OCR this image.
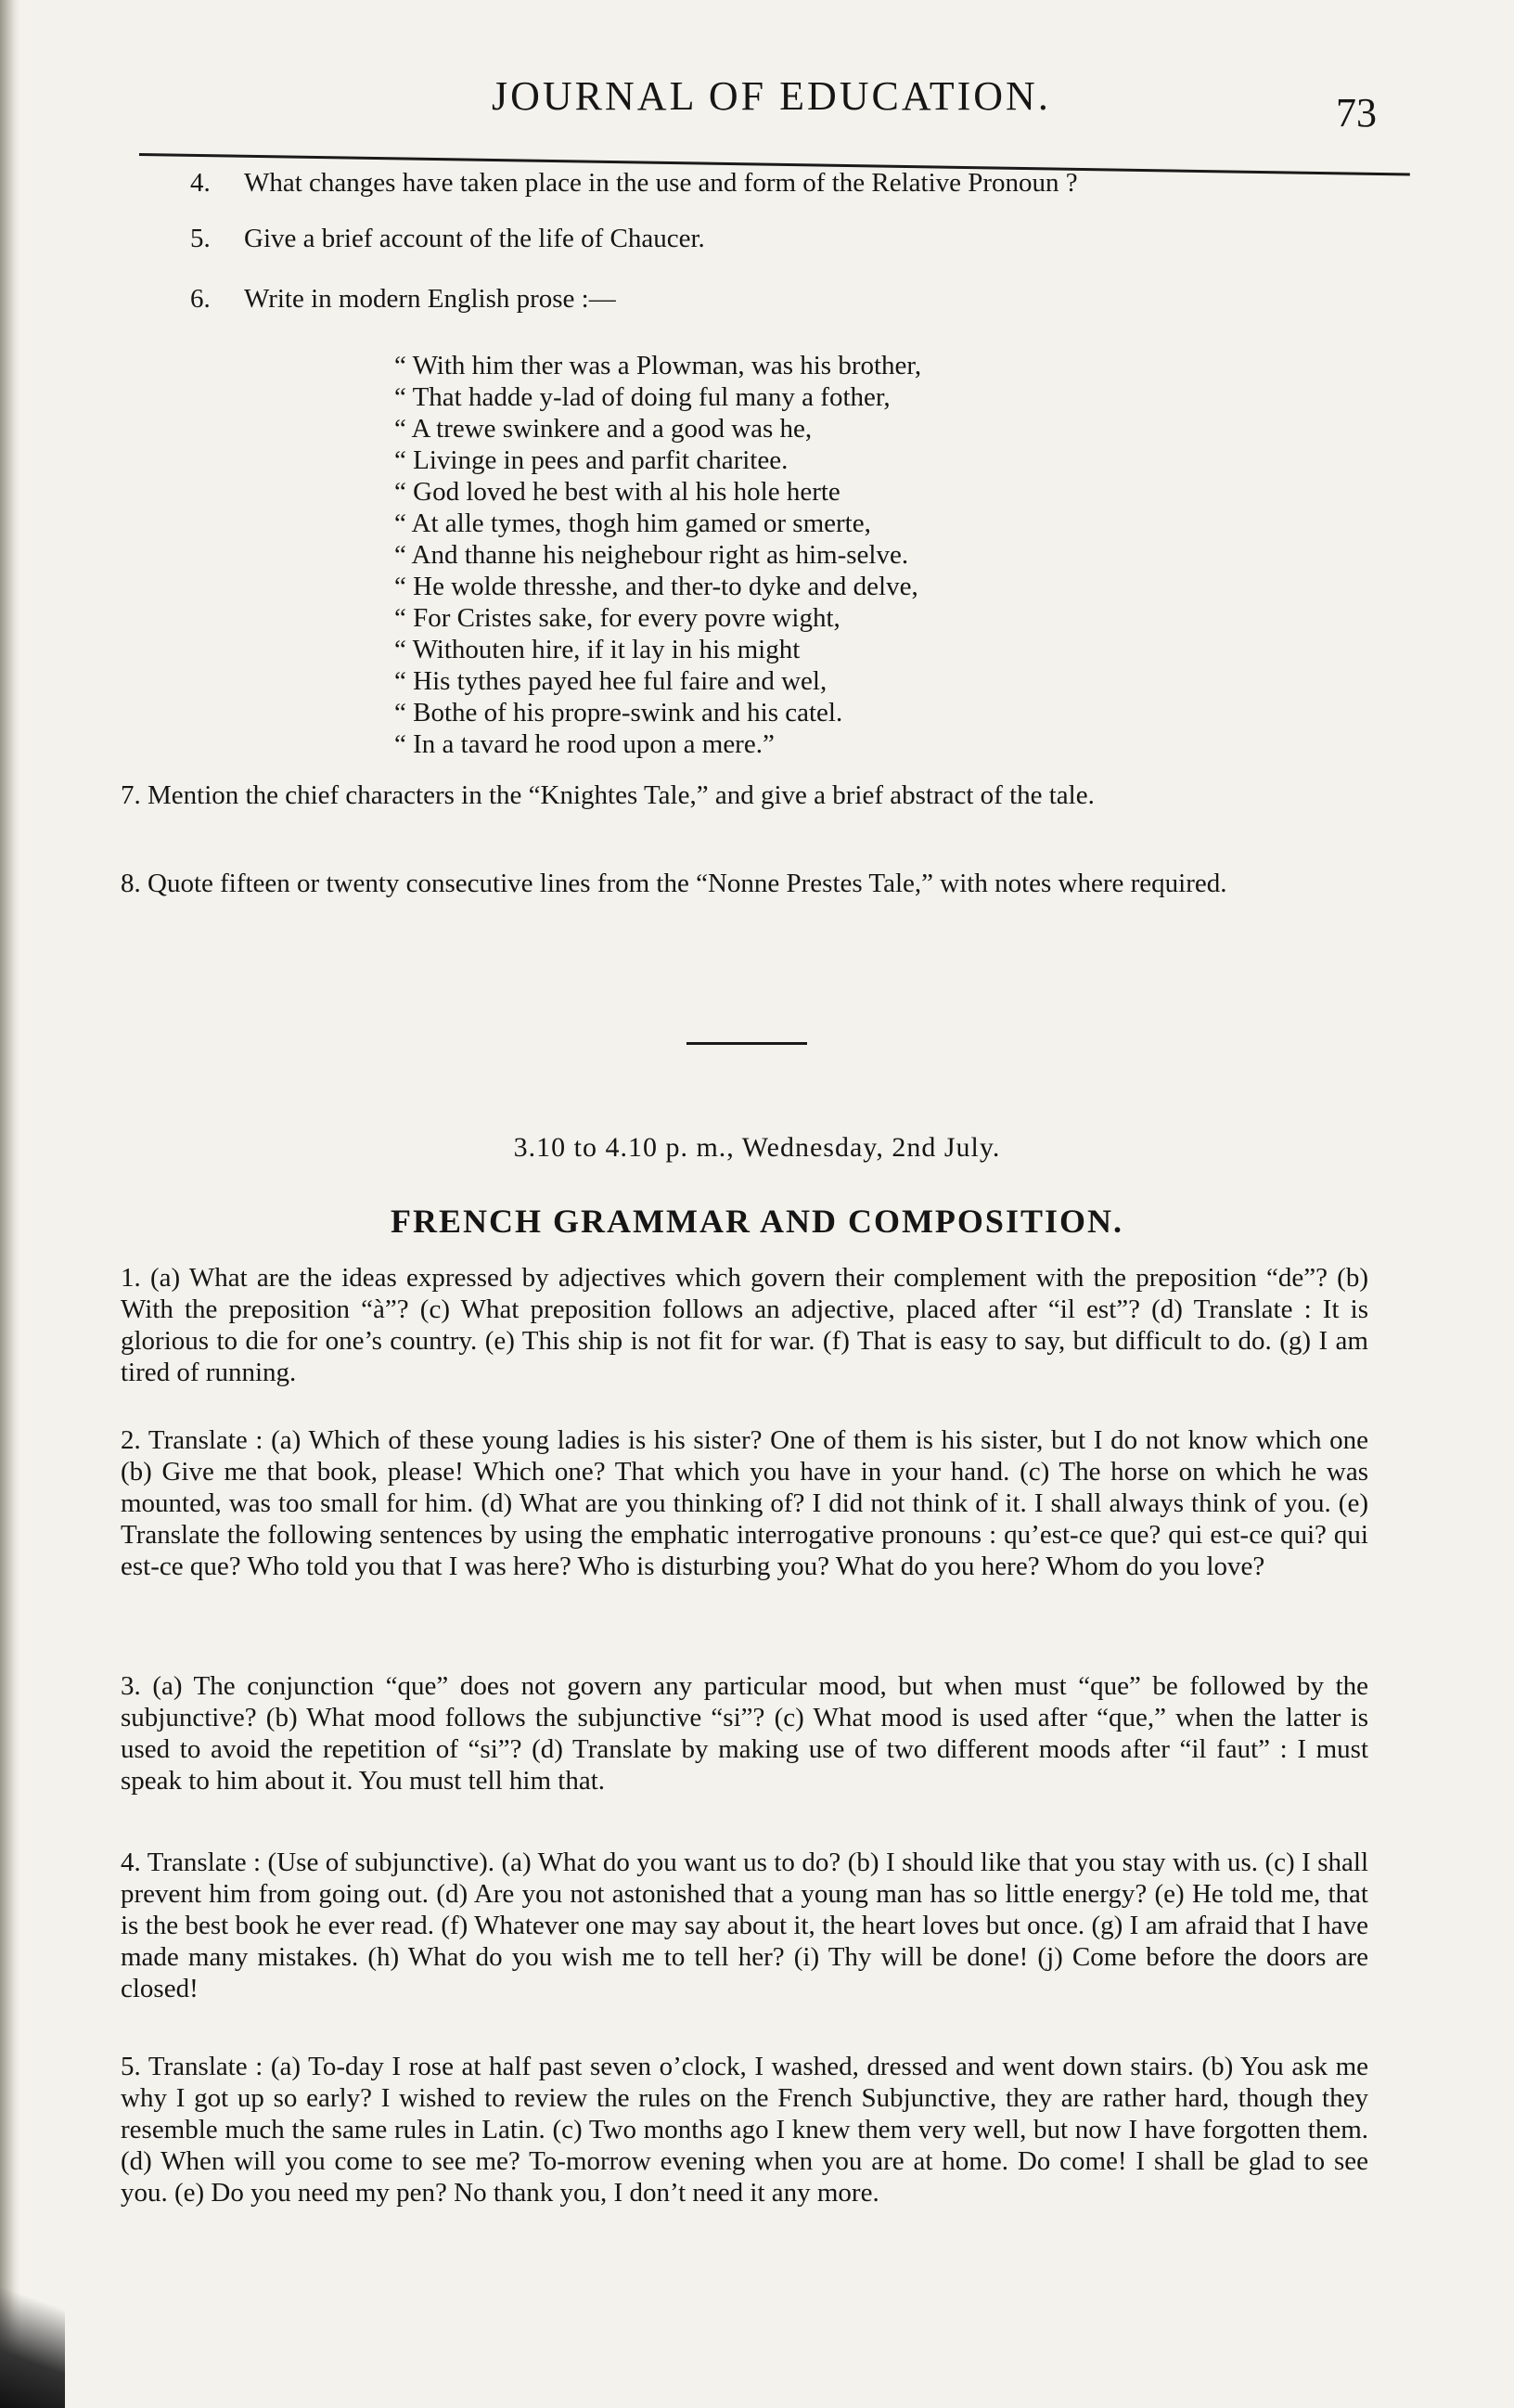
JOURNAL OF EDUCATION.	73
4. What changes have taken place in the use and form of the Relative Pronoun ?
5. Give a brief account of the life of Chaucer.
6. Write in modern English prose :—
“ With him ther was a Plowman, was his brother,
“ That hadde y-lad of doing ful many a fother,
“ A trewe swinkere and a good was he,
“ Livinge in pees and parfit charitee.
“ God loved he best with al his hole herte
“ At alle tymes, thogh him gamed or smerte,
“ And thanne his neighebour right as him-selve.
“ He wolde thresshe, and ther-to dyke and delve,
“ For Cristes sake, for every povre wight,
“ Withouten hire, if it lay in his might
“ His tythes payed hee ful faire and wel,
“ Bothe of his propre-swink and his catel.
“ In a tavard he rood upon a mere.”
7. Mention the chief characters in the “Knightes Tale,” and give a brief abstract of the tale.
8. Quote fifteen or twenty consecutive lines from the “Nonne Prestes Tale,” with notes where required.
3.10 to 4.10 p. m., Wednesday, 2nd July.
FRENCH GRAMMAR AND COMPOSITION.
1. (a) What are the ideas expressed by adjectives which govern their complement with the preposition “de”? (b) With the preposition “à”? (c) What preposition follows an adjective, placed after “il est”? (d) Translate : It is glorious to die for one’s country. (e) This ship is not fit for war. (f) That is easy to say, but difficult to do. (g) I am tired of running.
2. Translate : (a) Which of these young ladies is his sister? One of them is his sister, but I do not know which one (b) Give me that book, please! Which one? That which you have in your hand. (c) The horse on which he was mounted, was too small for him. (d) What are you thinking of? I did not think of it. I shall always think of you. (e) Translate the following sentences by using the emphatic interrogative pronouns : qu’est-ce que? qui est-ce qui? qui est-ce que? Who told you that I was here? Who is disturbing you? What do you here? Whom do you love?
3. (a) The conjunction “que” does not govern any particular mood, but when must “que” be followed by the subjunctive? (b) What mood follows the subjunctive “si”? (c) What mood is used after “que,” when the latter is used to avoid the repetition of “si”? (d) Translate by making use of two different moods after “il faut” : I must speak to him about it. You must tell him that.
4. Translate : (Use of subjunctive). (a) What do you want us to do? (b) I should like that you stay with us. (c) I shall prevent him from going out. (d) Are you not astonished that a young man has so little energy? (e) He told me, that is the best book he ever read. (f) Whatever one may say about it, the heart loves but once. (g) I am afraid that I have made many mistakes. (h) What do you wish me to tell her? (i) Thy will be done! (j) Come before the doors are closed!
5. Translate : (a) To-day I rose at half past seven o’clock, I washed, dressed and went down stairs. (b) You ask me why I got up so early? I wished to review the rules on the French Subjunctive, they are rather hard, though they resemble much the same rules in Latin. (c) Two months ago I knew them very well, but now I have forgotten them. (d) When will you come to see me? To-morrow evening when you are at home. Do come! I shall be glad to see you. (e) Do you need my pen? No thank you, I don’t need it any more.
